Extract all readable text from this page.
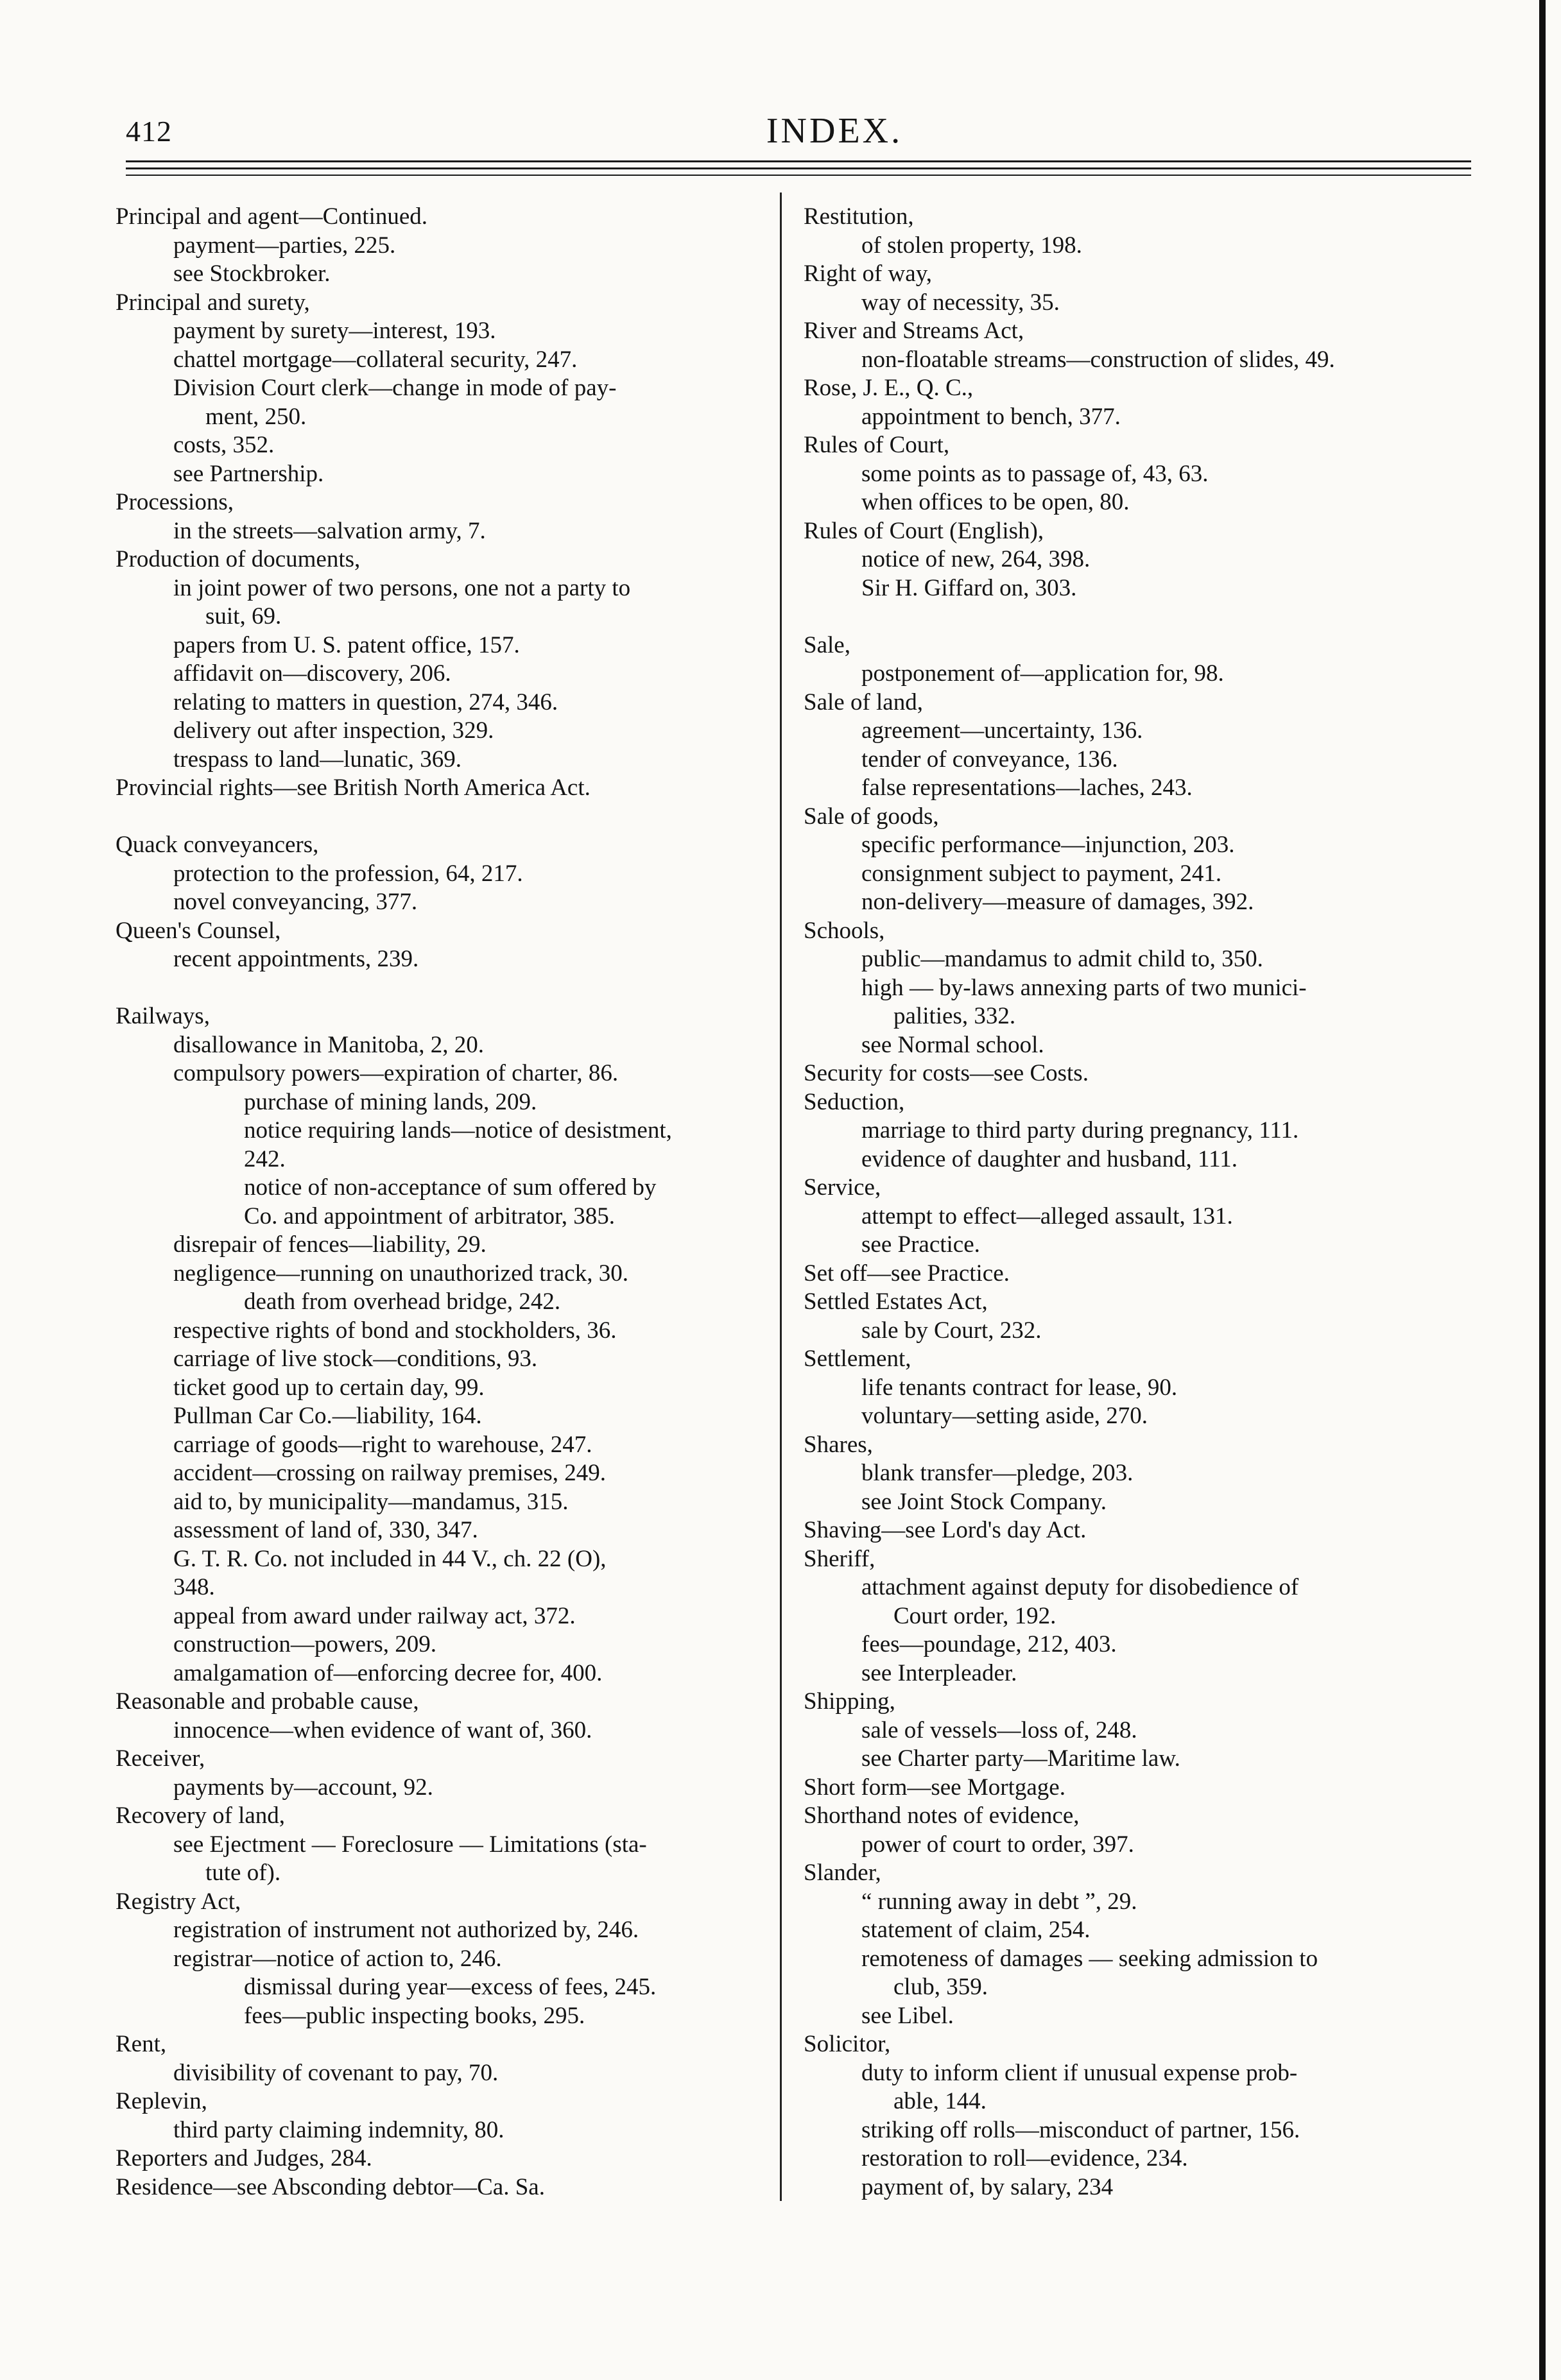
412	INDEX.
Principal and agent—Continued.
payment—parties, 225.
see Stockbroker.
Principal and surety,
payment by surety—interest, 193.
chattel mortgage—collateral security, 247.
Division Court clerk—change in mode of pay-
ment, 250.
costs, 352.
see Partnership.
Processions,
in the streets—salvation army, 7.
Production of documents,
in joint power of two persons, one not a party to
suit, 69.
papers from U. S. patent office, 157.
affidavit on—discovery, 206.
relating to matters in question, 274, 346.
delivery out after inspection, 329.
trespass to land—lunatic, 369.
Provincial rights—see British North America Act.
Quack conveyancers,
protection to the profession, 64, 217.
novel conveyancing, 377.
Queen's Counsel,
recent appointments, 239.
Railways,
disallowance in Manitoba, 2, 20.
compulsory powers—expiration of charter, 86.
purchase of mining lands, 209.
notice requiring lands—notice of desistment,
242.
notice of non-acceptance of sum offered by
Co. and appointment of arbitrator, 385.
disrepair of fences—liability, 29.
negligence—running on unauthorized track, 30.
death from overhead bridge, 242.
respective rights of bond and stockholders, 36.
carriage of live stock—conditions, 93.
ticket good up to certain day, 99.
Pullman Car Co.—liability, 164.
carriage of goods—right to warehouse, 247.
accident—crossing on railway premises, 249.
aid to, by municipality—mandamus, 315.
assessment of land of, 330, 347.
G. T. R. Co. not included in 44 V., ch. 22 (O),
348.
appeal from award under railway act, 372.
construction—powers, 209.
amalgamation of—enforcing decree for, 400.
Reasonable and probable cause,
innocence—when evidence of want of, 360.
Receiver,
payments by—account, 92.
Recovery of land,
see Ejectment — Foreclosure — Limitations (sta-
tute of).
Registry Act,
registration of instrument not authorized by, 246.
registrar—notice of action to, 246.
dismissal during year—excess of fees, 245.
fees—public inspecting books, 295.
Rent,
divisibility of covenant to pay, 70.
Replevin,
third party claiming indemnity, 80.
Reporters and Judges, 284.
Residence—see Absconding debtor—Ca. Sa.
Restitution,
of stolen property, 198.
Right of way,
way of necessity, 35.
River and Streams Act,
non-floatable streams—construction of slides, 49.
Rose, J. E., Q. C.,
appointment to bench, 377.
Rules of Court,
some points as to passage of, 43, 63.
when offices to be open, 80.
Rules of Court (English),
notice of new, 264, 398.
Sir H. Giffard on, 303.
Sale,
postponement of—application for, 98.
Sale of land,
agreement—uncertainty, 136.
tender of conveyance, 136.
false representations—laches, 243.
Sale of goods,
specific performance—injunction, 203.
consignment subject to payment, 241.
non-delivery—measure of damages, 392.
Schools,
public—mandamus to admit child to, 350.
high — by-laws annexing parts of two munici-
palities, 332.
see Normal school.
Security for costs—see Costs.
Seduction,
marriage to third party during pregnancy, 111.
evidence of daughter and husband, 111.
Service,
attempt to effect—alleged assault, 131.
see Practice.
Set off—see Practice.
Settled Estates Act,
sale by Court, 232.
Settlement,
life tenants contract for lease, 90.
voluntary—setting aside, 270.
Shares,
blank transfer—pledge, 203.
see Joint Stock Company.
Shaving—see Lord's day Act.
Sheriff,
attachment against deputy for disobedience of
Court order, 192.
fees—poundage, 212, 403.
see Interpleader.
Shipping,
sale of vessels—loss of, 248.
see Charter party—Maritime law.
Short form—see Mortgage.
Shorthand notes of evidence,
power of court to order, 397.
Slander,
“ running away in debt ”, 29.
statement of claim, 254.
remoteness of damages — seeking admission to
club, 359.
see Libel.
Solicitor,
duty to inform client if unusual expense prob-
able, 144.
striking off rolls—misconduct of partner, 156.
restoration to roll—evidence, 234.
payment of, by salary, 234
